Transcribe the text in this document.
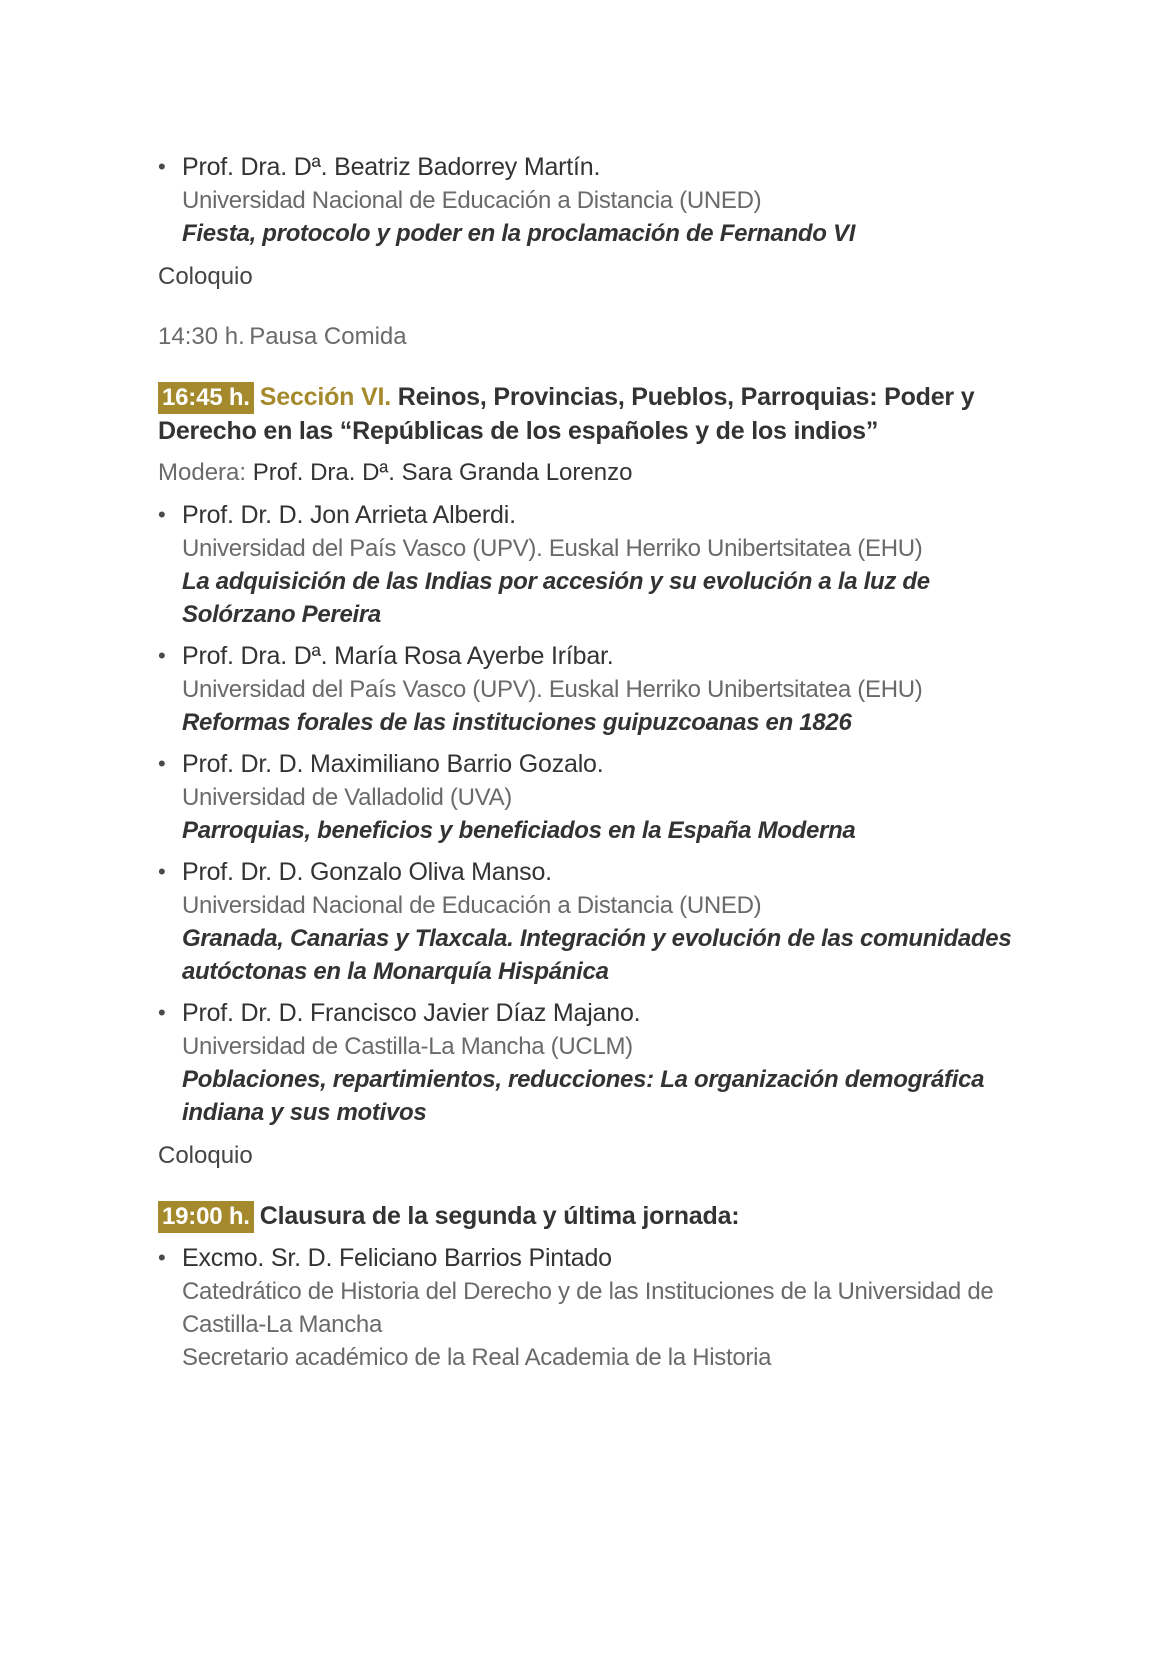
• Prof. Dra. Dª. Beatriz Badorrey Martín.
Universidad Nacional de Educación a Distancia (UNED)
Fiesta, protocolo y poder en la proclamación de Fernando VI
Coloquio
14:30 h. Pausa Comida
16:45 h. Sección VI. Reinos, Provincias, Pueblos, Parroquias: Poder y
Derecho en las “Repúblicas de los españoles y de los indios”
Modera: Prof. Dra. Dª. Sara Granda Lorenzo
• Prof. Dr. D. Jon Arrieta Alberdi.
Universidad del País Vasco (UPV). Euskal Herriko Unibertsitatea (EHU)
La adquisición de las Indias por accesión y su evolución a la luz de
Solórzano Pereira
• Prof. Dra. Dª. María Rosa Ayerbe Iríbar.
Universidad del País Vasco (UPV). Euskal Herriko Unibertsitatea (EHU)
Reformas forales de las instituciones guipuzcoanas en 1826
• Prof. Dr. D. Maximiliano Barrio Gozalo.
Universidad de Valladolid (UVA)
Parroquias, beneficios y beneficiados en la España Moderna
• Prof. Dr. D. Gonzalo Oliva Manso.
Universidad Nacional de Educación a Distancia (UNED)
Granada, Canarias y Tlaxcala. Integración y evolución de las comunidades
autóctonas en la Monarquía Hispánica
• Prof. Dr. D. Francisco Javier Díaz Majano.
Universidad de Castilla-La Mancha (UCLM)
Poblaciones, repartimientos, reducciones: La organización demográfica
indiana y sus motivos
Coloquio
19:00 h. Clausura de la segunda y última jornada:
• Excmo. Sr. D. Feliciano Barrios Pintado
Catedrático de Historia del Derecho y de las Instituciones de la Universidad de
Castilla-La Mancha
Secretario académico de la Real Academia de la Historia
